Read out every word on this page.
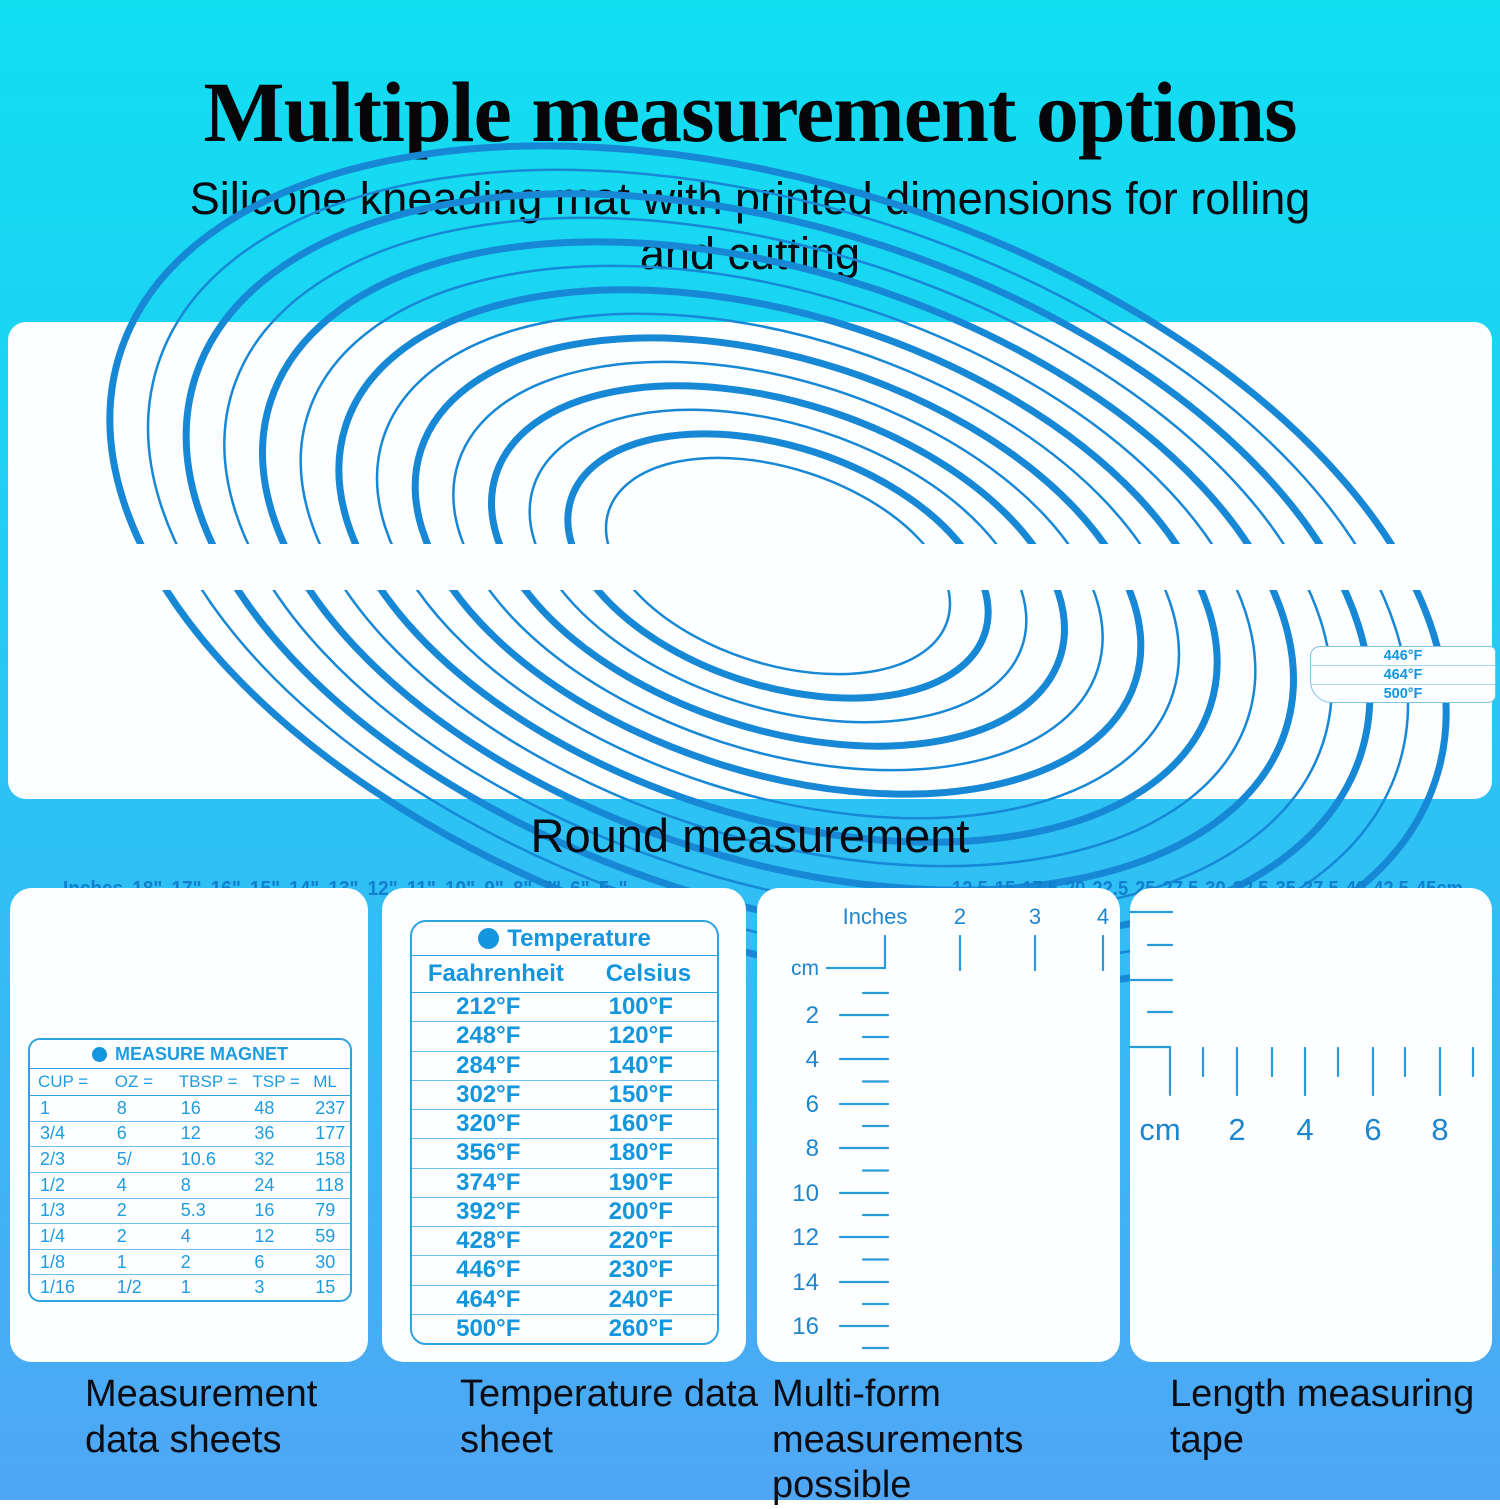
Multiple measurement options
Silicone kneading mat with printed dimensions for rolling and cutting
12"	22.5
446°F
464°F
500°F
Round measurement
MEASURE MAGNET
CUP =	OZ =	TBSP = TSP = ML
1	8	16	48	237
3/4	6	12	36	177
2/3	5/	10.6	32	158
1/2	4	8	24	118
1/3	2	5.3	16	79
1/4	2	4	12	59
1/8	1	2	6	30
1/16	1/2	1	3	15
Temperature
Faahrenheit	Celsius
212°F	100°F
248°F	120°F
284°F	140°F
302°F	150°F
320°F	160°F
356°F	180°F
374°F	190°F
392°F	200°F
428°F	220°F
446°F	230°F
464°F	240°F
500°F	260°F
Inches 2	3	4
cm
2
4
6
8
10
12
14
16
cm 2 4 6 8
Measurement data sheets
Temperature data sheet
Multi-form measurements possible
Length measuring tape
